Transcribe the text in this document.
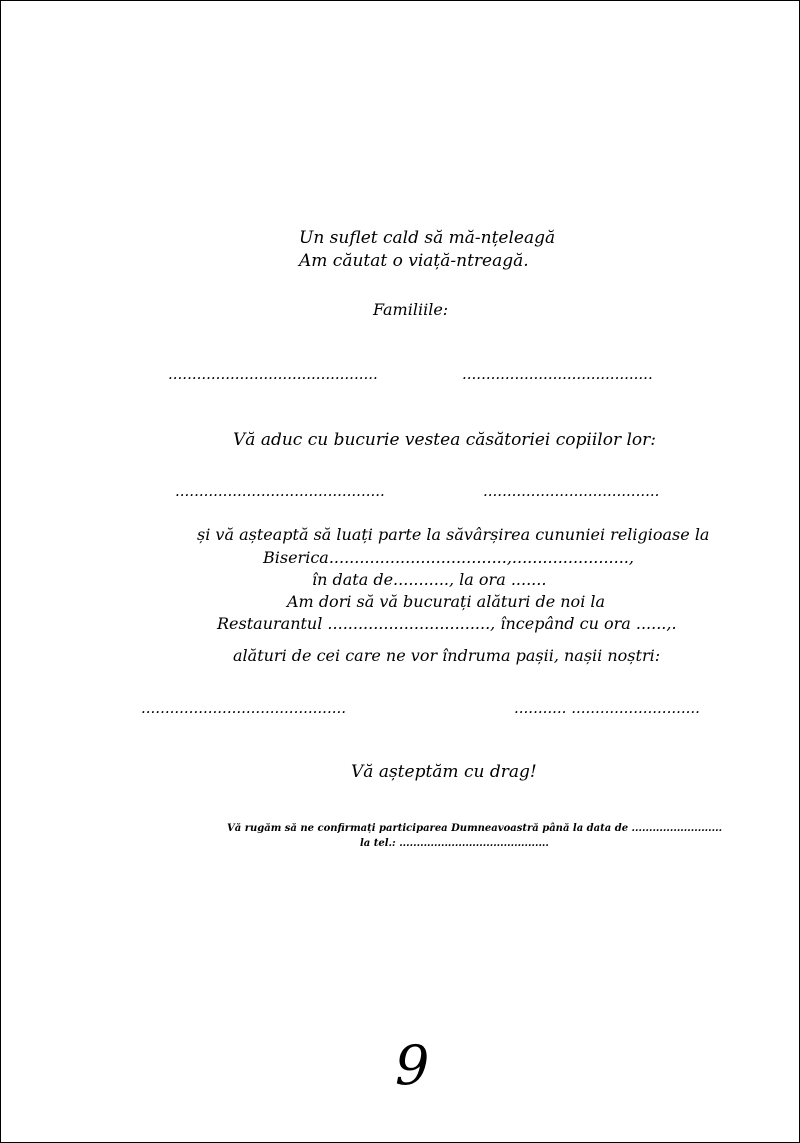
Un suflet cald să mă-nțeleagă
Am căutat o viață-ntreagă.
Familiile:
............................................	........................................
Vă aduc cu bucurie vestea căsătoriei copiilor lor:
............................................	.....................................
și vă așteaptă să luați parte la săvârșirea cununiei religioase la
Biserica...................................,.......................,
în data de..........., la ora .......
Am dori să vă bucurați alături de noi la
Restaurantul ................................, începând cu ora ......,.
alături de cei care ne vor îndruma pașii, nașii noștri:
...........................................	........... ...........................
Vă așteptăm cu drag!
Vă rugăm să ne confirmați participarea Dumneavoastră până la data de ..........................
la tel.: ...........................................
9
